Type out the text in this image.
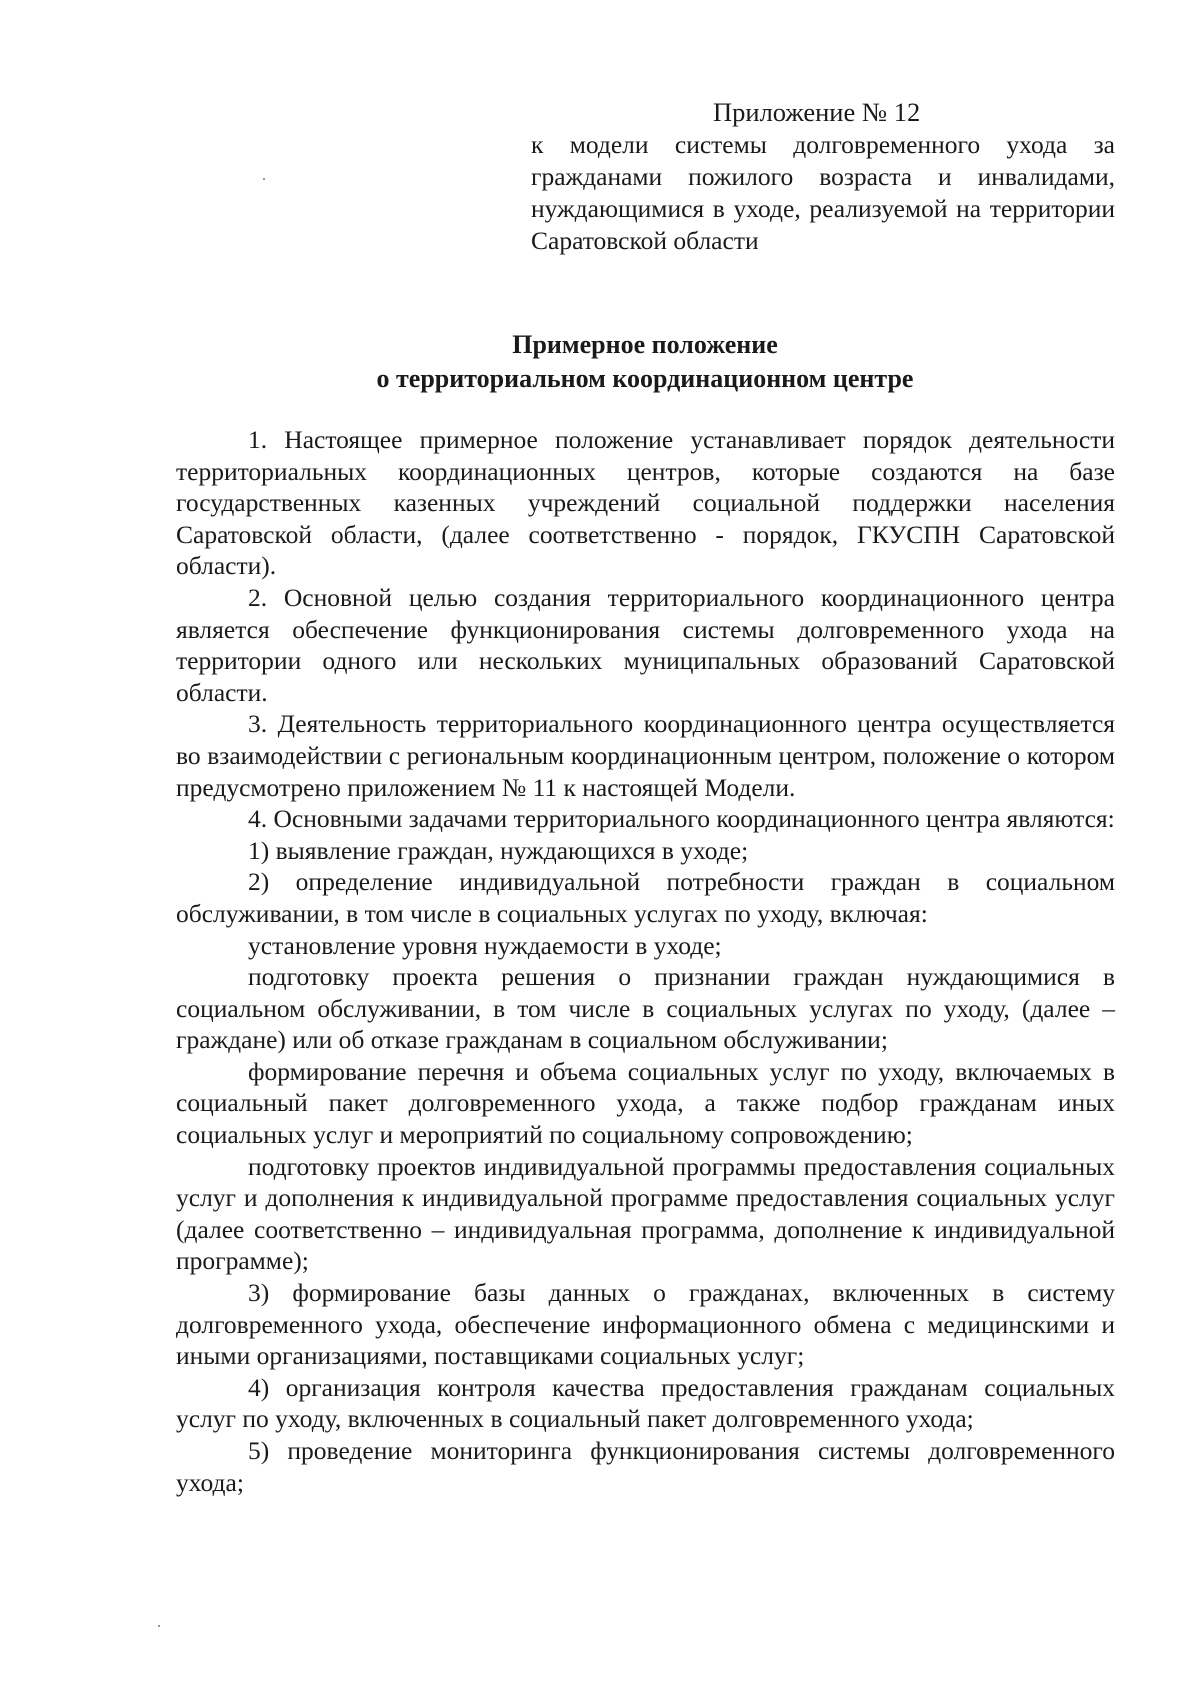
Приложение № 12

к модели системы долговременного ухода за гражданами пожилого возраста и инвалидами, нуждающимися в уходе, реализуемой на территории Саратовской области

Примерное положение
о территориальном координационном центре

1. Настоящее примерное положение устанавливает порядок деятельности территориальных координационных центров, которые создаются на базе государственных казенных учреждений социальной поддержки населения Саратовской области, (далее соответственно - порядок, ГКУСПН Саратовской области).

2. Основной целью создания территориального координационного центра является обеспечение функционирования системы долговременного ухода на территории одного или нескольких муниципальных образований Саратовской области.

3. Деятельность территориального координационного центра осуществляется во взаимодействии с региональным координационным центром, положение о котором предусмотрено приложением № 11 к настоящей Модели.

4. Основными задачами территориального координационного центра являются:

1) выявление граждан, нуждающихся в уходе;

2) определение индивидуальной потребности граждан в социальном обслуживании, в том числе в социальных услугах по уходу, включая:

установление уровня нуждаемости в уходе;

подготовку проекта решения о признании граждан нуждающимися в социальном обслуживании, в том числе в социальных услугах по уходу, (далее – граждане) или об отказе гражданам в социальном обслуживании;

формирование перечня и объема социальных услуг по уходу, включаемых в социальный пакет долговременного ухода, а также подбор гражданам иных социальных услуг и мероприятий по социальному сопровождению;

подготовку проектов индивидуальной программы предоставления социальных услуг и дополнения к индивидуальной программе предоставления социальных услуг (далее соответственно – индивидуальная программа, дополнение к индивидуальной программе);

3) формирование базы данных о гражданах, включенных в систему долговременного ухода, обеспечение информационного обмена с медицинскими и иными организациями, поставщиками социальных услуг;

4) организация контроля качества предоставления гражданам социальных услуг по уходу, включенных в социальный пакет долговременного ухода;

5) проведение мониторинга функционирования системы долговременного ухода;
